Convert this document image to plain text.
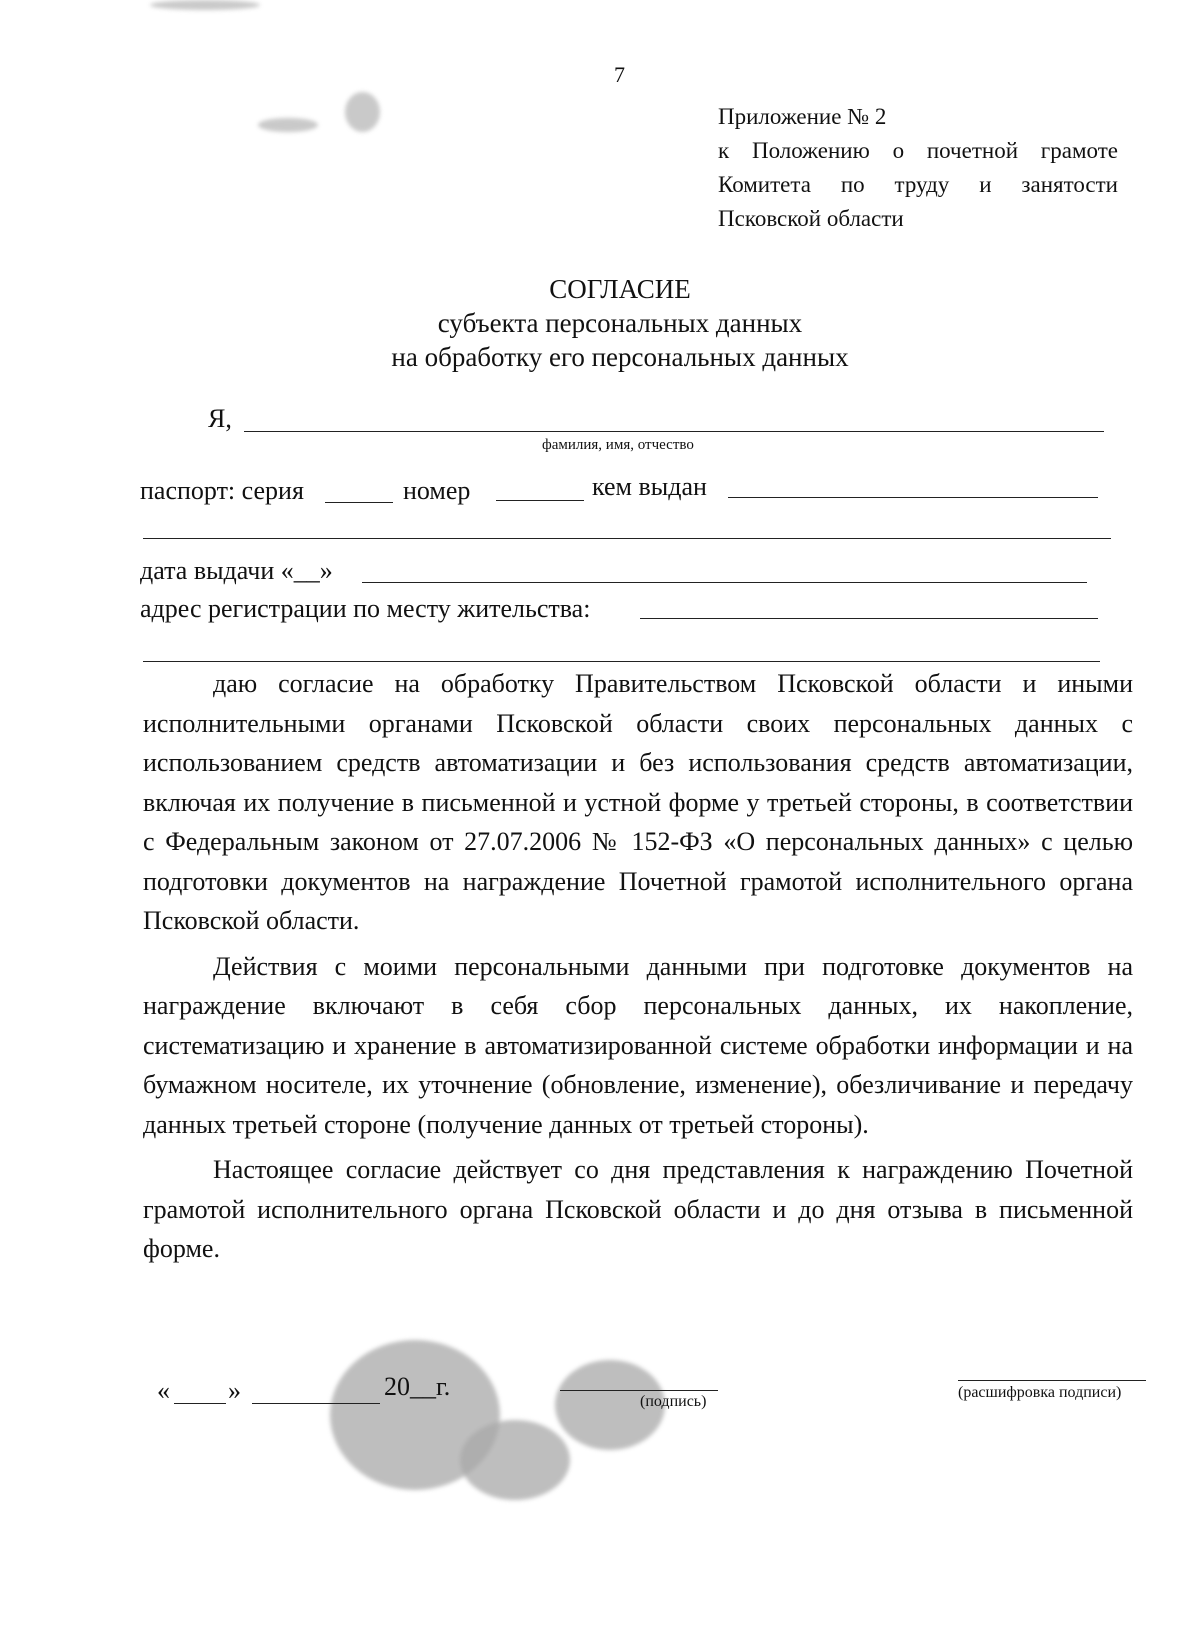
7
Приложение № 2
к Положению о почетной грамоте
Комитета по труду и занятости
Псковской области
СОГЛАСИЕ
субъекта персональных данных
на обработку его персональных данных
Я,
фамилия, имя, отчество
паспорт: серия	номер	кем выдан
дата выдачи «__»
адрес регистрации по месту жительства:

даю согласие на обработку Правительством Псковской области и иными исполнительными органами Псковской области своих персональных данных с использованием средств автоматизации и без использования средств автоматизации, включая их получение в письменной и устной форме у третьей стороны, в соответствии с Федеральным законом от 27.07.2006 № 152-ФЗ «О персональных данных» с целью подготовки документов на награждение Почетной грамотой исполнительного органа Псковской области.

Действия с моими персональными данными при подготовке документов на награждение включают в себя сбор персональных данных, их накопление, систематизацию и хранение в автоматизированной системе обработки информации и на бумажном носителе, их уточнение (обновление, изменение), обезличивание и передачу данных третьей стороне (получение данных от третьей стороны).

Настоящее согласие действует со дня представления к награждению Почетной грамотой исполнительного органа Псковской области и до дня отзыва в письменной форме.

« »	20__г.
(подпись)
(расшифровка подписи)
